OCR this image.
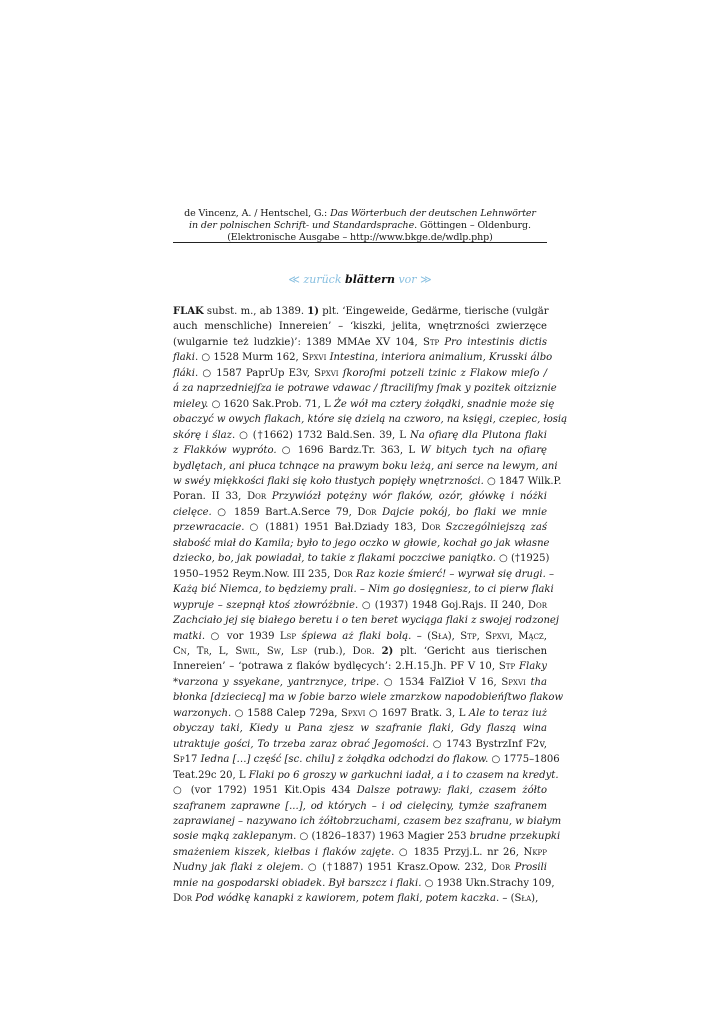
de Vincenz, A. / Hentschel, G.: Das Wörterbuch der deutschen Lehnwörter
in der polnischen Schrift- und Standardsprache. Göttingen – Oldenburg.
(Elektronische Ausgabe – http://www.bkge.de/wdlp.php)
≪ zurück blättern vor ≫
FLAK subst. m., ab 1389. 1) plt. ‘Eingeweide, Gedärme, tierische (vulgär
auch menschliche) Innereien’ – ‘kiszki, jelita, wnętrzności zwierzęce
(wulgarnie też ludzkie)’: 1389 MMAe XV 104, Stp Pro intestinis dictis
flaki. ○ 1528 Murm 162, Spxvi Intestina, interiora animalium, Krusski álbo
fláki. ○ 1587 PaprUp E3v, Spxvi ſkoroſmi potzeli tzinic z Flakow mieſo /
á za naprzedniejſza ie potrawe vdawac / ſtraciliſmy ſmak y pozitek oitziznie
mieley. ○ 1620 Sak.Prob. 71, L Że wół ma cztery żołądki, snadnie może się
obaczyć w owych flakach, które się dzielą na czworo, na księgi, czepiec, łosią
skórę i ślaz. ○ (†1662) 1732 Bald.Sen. 39, L Na ofiarę dla Plutona flaki
z Flakków wypróto. ○ 1696 Bardz.Tr. 363, L W bitych tych na ofiarę
bydlętach, ani płuca tchnące na prawym boku leżą, ani serce na lewym, ani
w swéy miękkości flaki się koło tłustych popięły wnętrzności. ○ 1847 Wilk.P.
Poran. II 33, Dor Przywiózł potężny wór flaków, ozór, główkę i nóżki
cielęce. ○ 1859 Bart.A.Serce 79, Dor Dajcie pokój, bo flaki we mnie
przewracacie. ○ (1881) 1951 Bał.Dziady 183, Dor Szczególniejszą zaś
słabość miał do Kamila; było to jego oczko w głowie, kochał go jak własne
dziecko, bo, jak powiadał, to takie z flakami poczciwe paniątko. ○ (†1925)
1950–1952 Reym.Now. III 235, Dor Raz kozie śmierć! – wyrwał się drugi. –
Każą bić Niemca, to będziemy prali. – Nim go dosięgniesz, to ci pierw flaki
wypruje – szepnął ktoś złowróżbnie. ○ (1937) 1948 Goj.Rajs. II 240, Dor
Zachciało jej się białego beretu i o ten beret wyciąga flaki z swojej rodzonej
matki. ○ vor 1939 Lsp śpiewa aż flaki bolą. – (Sła), Stp, Spxvi, Mącz,
Cn, Tr, L, Swil, Sw, Lsp (rub.), Dor. 2) plt. ‘Gericht aus tierischen
Innereien’ – ‘potrawa z flaków bydlęcych’: 2.H.15.Jh. PF V 10, Stp Flaky
*varzona y ssyekane, yantrznyce, tripe. ○ 1534 FalZioł V 16, Spxvi tha
błonka [dzieciecą] ma w ſobie barzo wiele zmarzkow napodobieńſtwo flakow
warzonych. ○ 1588 Calep 729a, Spxvi ○ 1697 Bratk. 3, L Ale to teraz iuż
obyczay taki, Kiedy u Pana zjesz w szafranie flaki, Gdy flaszą wina
utraktuje gości, To trzeba zaraz obrać Jegomości. ○ 1743 BystrzInf F2v,
Sp17 Iedna […] część [sc. chilu] z żołądka odchodzi do flakow. ○ 1775–1806
Teat.29c 20, L Flaki po 6 groszy w garkuchni iadał, a i to czasem na kredyt.
○ (vor 1792) 1951 Kit.Opis 434 Dalsze potrawy: flaki, czasem żółto
szafranem zaprawne [...], od których – i od cielęciny, tymże szafranem
zaprawianej – nazywano ich żółtobrzuchami, czasem bez szafranu, w białym
sosie mąką zaklepanym. ○ (1826–1837) 1963 Magier 253 brudne przekupki
smażeniem kiszek, kiełbas i flaków zajęte. ○ 1835 Przyj.L. nr 26, Nkpp
Nudny jak flaki z olejem. ○ (†1887) 1951 Krasz.Opow. 232, Dor Prosili
mnie na gospodarski obiadek. Był barszcz i flaki. ○ 1938 Ukn.Strachy 109,
Dor Pod wódkę kanapki z kawiorem, potem flaki, potem kaczka. – (Sła),
